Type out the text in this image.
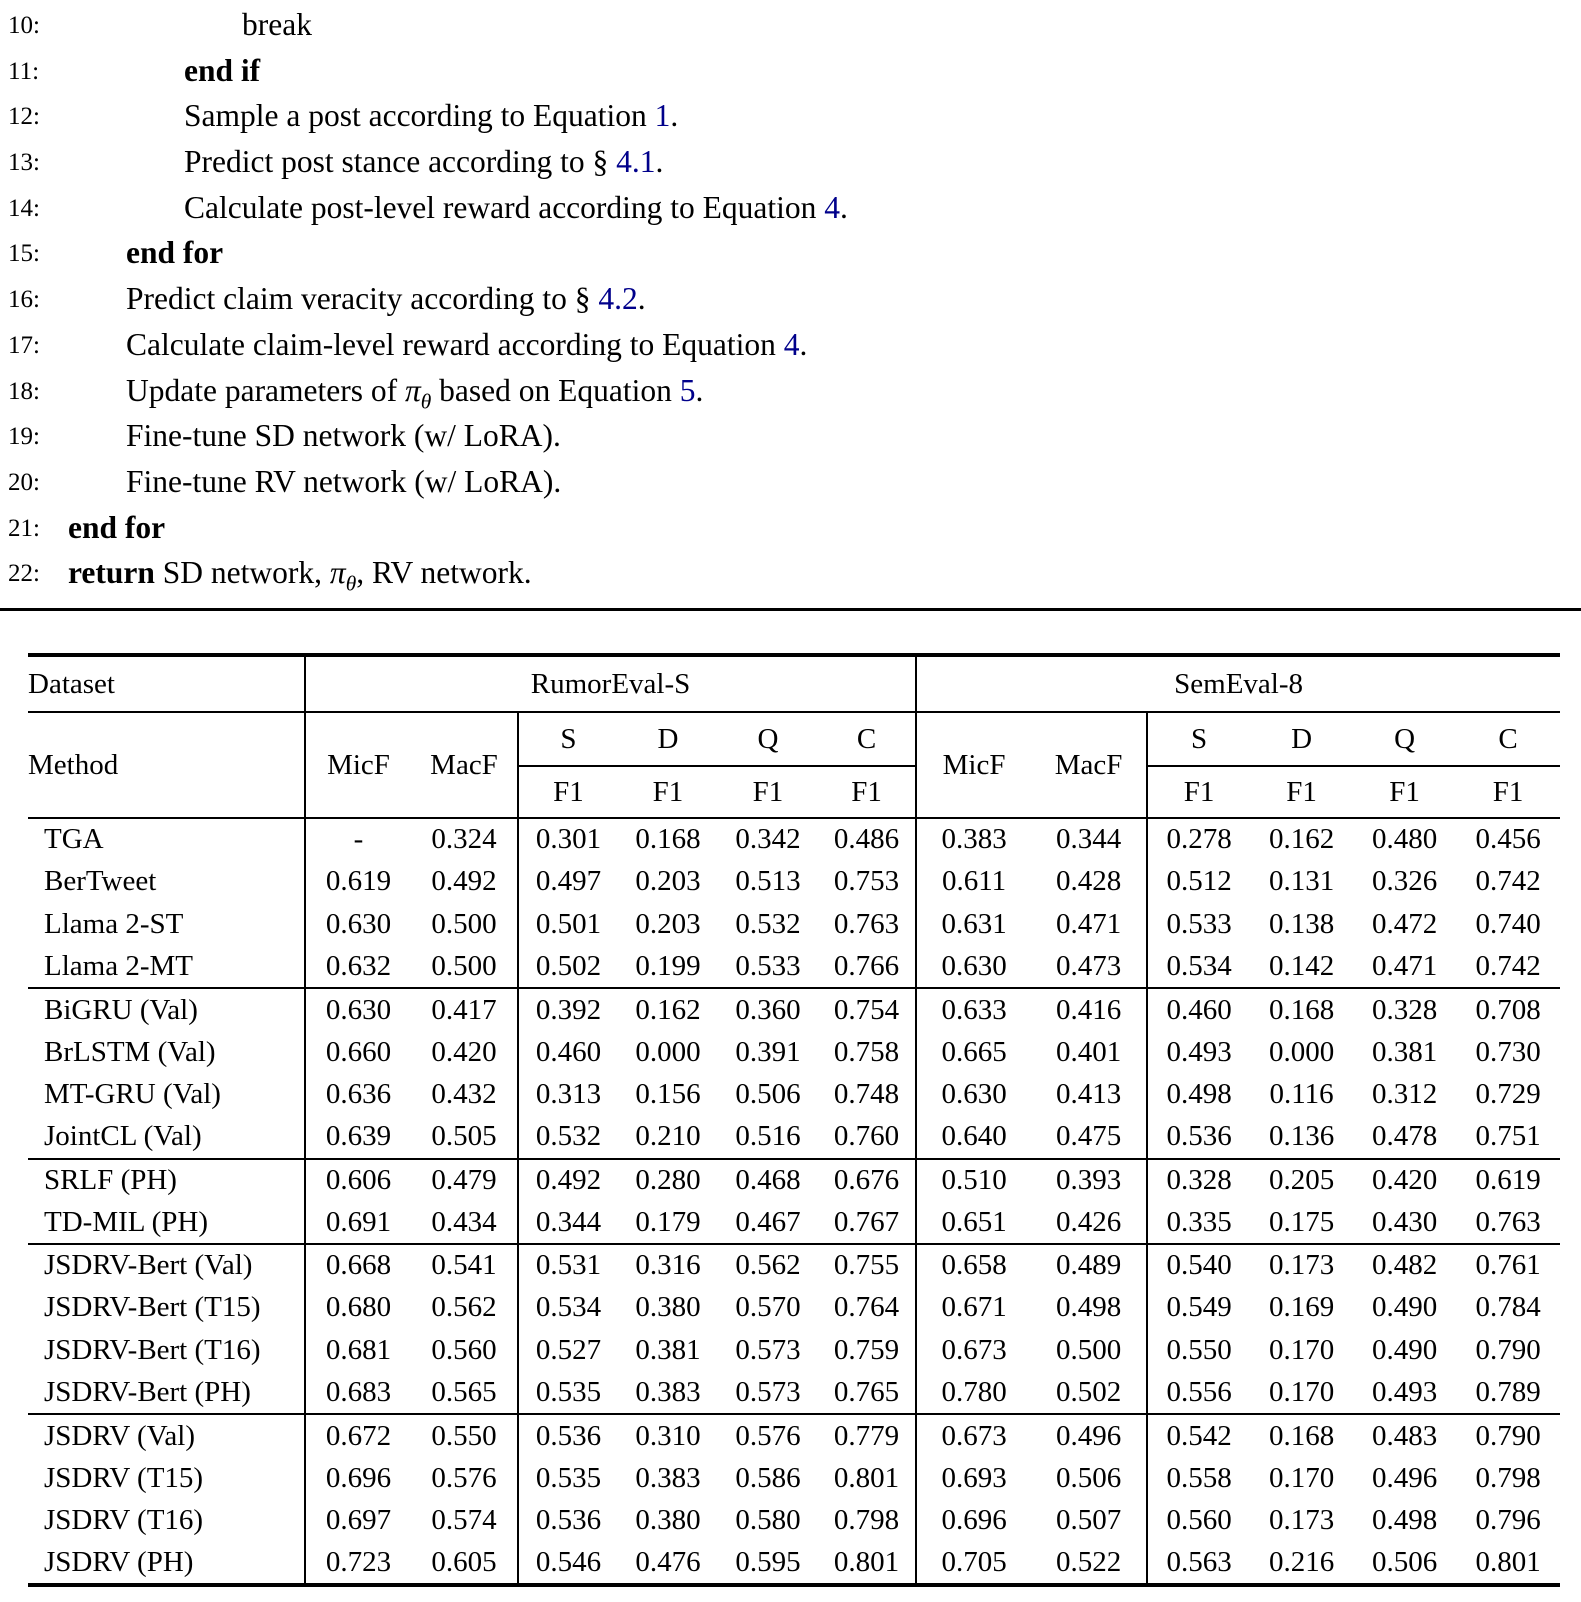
10:	break
11:	end if
12:	Sample a post according to Equation 1.
13:	Predict post stance according to § 4.1.
14:	Calculate post-level reward according to Equation 4.
15:	end for
16:	Predict claim veracity according to § 4.2.
17:	Calculate claim-level reward according to Equation 4.
18:	Update parameters of $\pi_\theta$ based on Equation 5.
19:	Fine-tune SD network (w/ LoRA).
20:	Fine-tune RV network (w/ LoRA).
21: end for
22: return SD network, $\pi_\theta$, RV network.
Dataset	RumorEval-S						SemEval-8					
Method	MicF	MacF	S	D	Q	C	MicF	MacF	S	D	Q	C
			F1	F1	F1	F1			F1	F1	F1	F1
TGA	-	0.324	0.301	0.168	0.342	0.486	0.383	0.344	0.278	0.162	0.480	0.456
BerTweet	0.619	0.492	0.497	0.203	0.513	0.753	0.611	0.428	0.512	0.131	0.326	0.742
Llama 2-ST	0.630	0.500	0.501	0.203	0.532	0.763	0.631	0.471	0.533	0.138	0.472	0.740
Llama 2-MT	0.632	0.500	0.502	0.199	0.533	0.766	0.630	0.473	0.534	0.142	0.471	0.742
BiGRU (Val)	0.630	0.417	0.392	0.162	0.360	0.754	0.633	0.416	0.460	0.168	0.328	0.708
BrLSTM (Val)	0.660	0.420	0.460	0.000	0.391	0.758	0.665	0.401	0.493	0.000	0.381	0.730
MT-GRU (Val)	0.636	0.432	0.313	0.156	0.506	0.748	0.630	0.413	0.498	0.116	0.312	0.729
JointCL (Val)	0.639	0.505	0.532	0.210	0.516	0.760	0.640	0.475	0.536	0.136	0.478	0.751
SRLF (PH)	0.606	0.479	0.492	0.280	0.468	0.676	0.510	0.393	0.328	0.205	0.420	0.619
TD-MIL (PH)	0.691	0.434	0.344	0.179	0.467	0.767	0.651	0.426	0.335	0.175	0.430	0.763
JSDRV-Bert (Val)	0.668	0.541	0.531	0.316	0.562	0.755	0.658	0.489	0.540	0.173	0.482	0.761
JSDRV-Bert (T15)	0.680	0.562	0.534	0.380	0.570	0.764	0.671	0.498	0.549	0.169	0.490	0.784
JSDRV-Bert (T16)	0.681	0.560	0.527	0.381	0.573	0.759	0.673	0.500	0.550	0.170	0.490	0.790
JSDRV-Bert (PH)	0.683	0.565	0.535	0.383	0.573	0.765	0.780	0.502	0.556	0.170	0.493	0.789
JSDRV (Val)	0.672	0.550	0.536	0.310	0.576	0.779	0.673	0.496	0.542	0.168	0.483	0.790
JSDRV (T15)	0.696	0.576	0.535	0.383	0.586	0.801	0.693	0.506	0.558	0.170	0.496	0.798
JSDRV (T16)	0.697	0.574	0.536	0.380	0.580	0.798	0.696	0.507	0.560	0.173	0.498	0.796
JSDRV (PH)	0.723	0.605	0.546	0.476	0.595	0.801	0.705	0.522	0.563	0.216	0.506	0.801
